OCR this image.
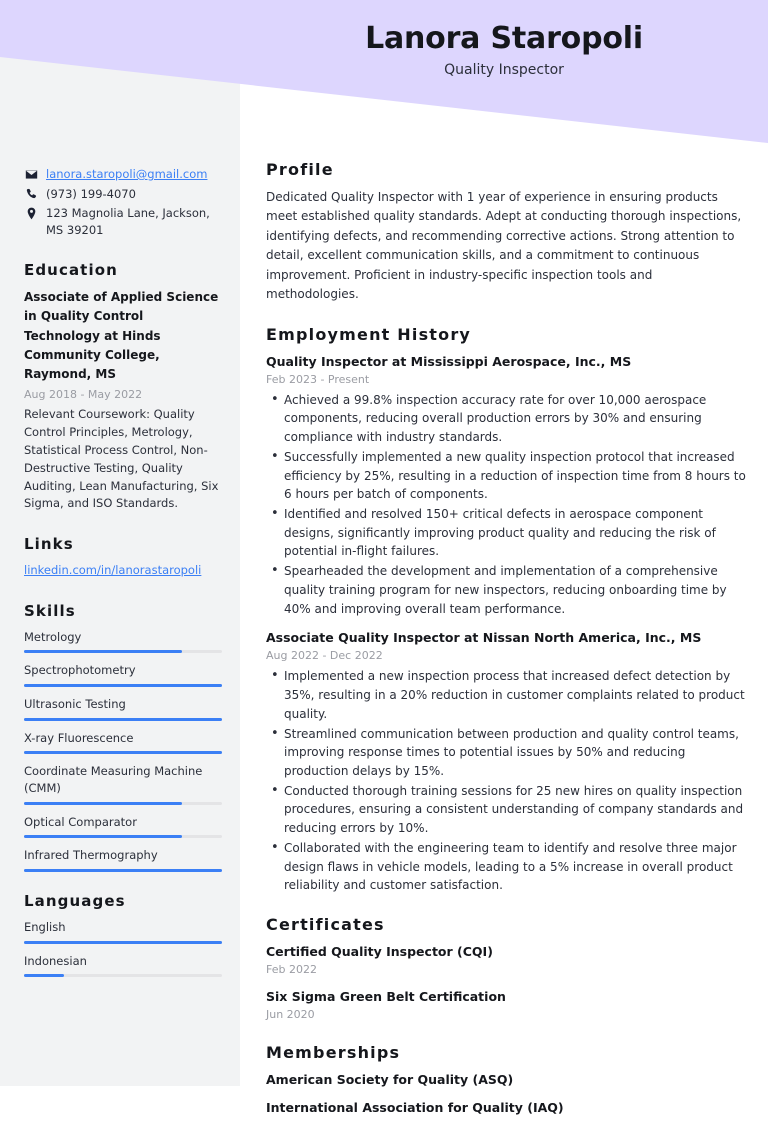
Lanora Staropoli
Quality Inspector
lanora.staropoli@gmail.com
(973) 199-4070
123 Magnolia Lane, Jackson, MS 39201
Education
Associate of Applied Science in Quality Control Technology at Hinds Community College, Raymond, MS
Aug 2018 - May 2022
Relevant Coursework: Quality Control Principles, Metrology, Statistical Process Control, Non-Destructive Testing, Quality Auditing, Lean Manufacturing, Six Sigma, and ISO Standards.
Links
linkedin.com/in/lanorastaropoli
Skills
Metrology
Spectrophotometry
Ultrasonic Testing
X-ray Fluorescence
Coordinate Measuring Machine (CMM)
Optical Comparator
Infrared Thermography
Languages
English
Indonesian
Profile
Dedicated Quality Inspector with 1 year of experience in ensuring products meet established quality standards. Adept at conducting thorough inspections, identifying defects, and recommending corrective actions. Strong attention to detail, excellent communication skills, and a commitment to continuous improvement. Proficient in industry-specific inspection tools and methodologies.
Employment History
Quality Inspector at Mississippi Aerospace, Inc., MS
Feb 2023 - Present
• Achieved a 99.8% inspection accuracy rate for over 10,000 aerospace components, reducing overall production errors by 30% and ensuring compliance with industry standards.
• Successfully implemented a new quality inspection protocol that increased efficiency by 25%, resulting in a reduction of inspection time from 8 hours to 6 hours per batch of components.
• Identified and resolved 150+ critical defects in aerospace component designs, significantly improving product quality and reducing the risk of potential in-flight failures.
• Spearheaded the development and implementation of a comprehensive quality training program for new inspectors, reducing onboarding time by 40% and improving overall team performance.
Associate Quality Inspector at Nissan North America, Inc., MS
Aug 2022 - Dec 2022
• Implemented a new inspection process that increased defect detection by 35%, resulting in a 20% reduction in customer complaints related to product quality.
• Streamlined communication between production and quality control teams, improving response times to potential issues by 50% and reducing production delays by 15%.
• Conducted thorough training sessions for 25 new hires on quality inspection procedures, ensuring a consistent understanding of company standards and reducing errors by 10%.
• Collaborated with the engineering team to identify and resolve three major design flaws in vehicle models, leading to a 5% increase in overall product reliability and customer satisfaction.
Certificates
Certified Quality Inspector (CQI)
Feb 2022
Six Sigma Green Belt Certification
Jun 2020
Memberships
American Society for Quality (ASQ)
International Association for Quality (IAQ)
